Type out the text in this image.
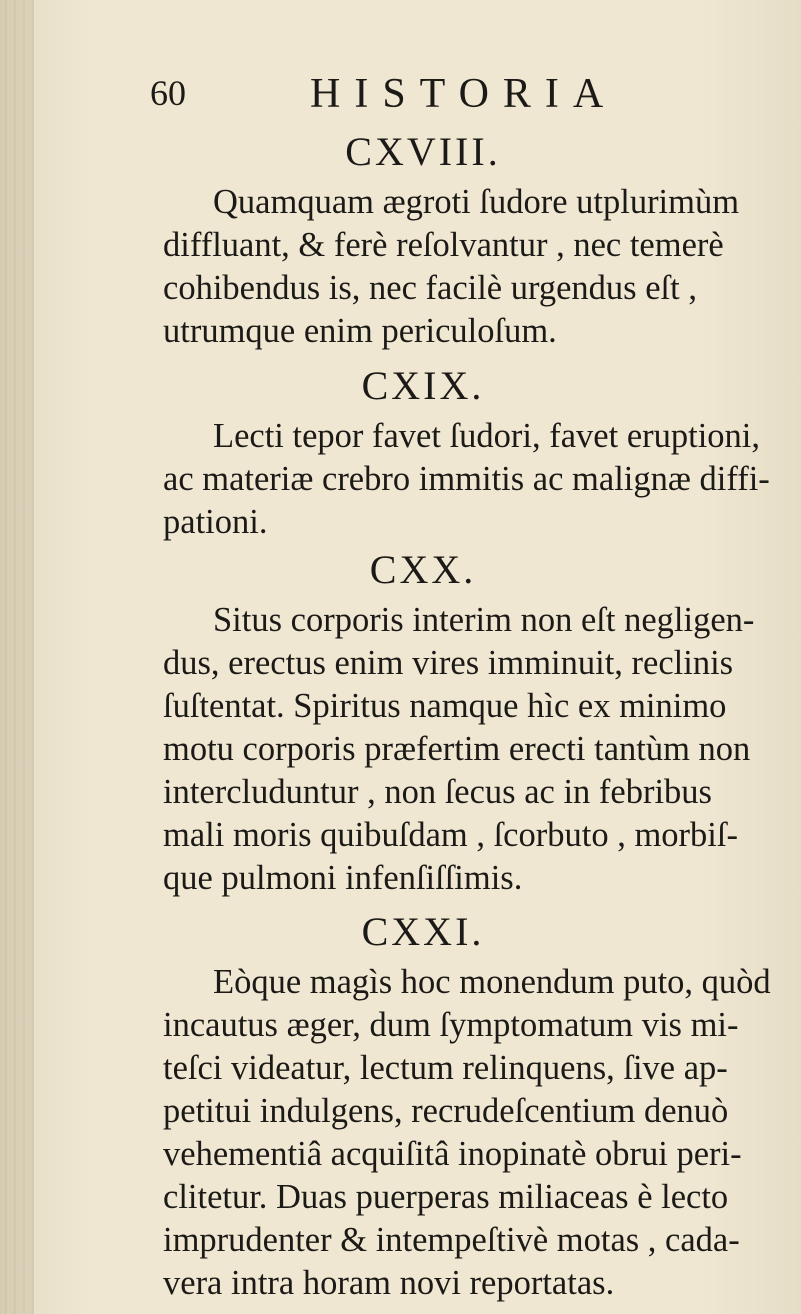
60	HISTORIA
CXVIII.
Quamquam ægroti ſudore utplurimùm
diffluant, & ferè reſolvantur , nec temerè
cohibendus is, nec facilè urgendus eſt ,
utrumque enim periculoſum.
CXIX.
Lecti tepor favet ſudori, favet eruptioni,
ac materiæ crebro immitis ac malignæ diffi-
pationi.
CXX.
Situs corporis interim non eſt negligen-
dus, erectus enim vires imminuit, reclinis
ſuſtentat. Spiritus namque hìc ex minimo
motu corporis præfertim erecti tantùm non
intercluduntur , non ſecus ac in febribus
mali moris quibuſdam , ſcorbuto , morbiſ-
que pulmoni infenſiſſimis.
CXXI.
Eòque magìs hoc monendum puto, quòd
incautus æger, dum ſymptomatum vis mi-
teſci videatur, lectum relinquens, ſive ap-
petitui indulgens, recrudeſcentium denuò
vehementiâ acquiſitâ inopinatè obrui peri-
clitetur. Duas puerperas miliaceas è lecto
imprudenter & intempeſtivè motas , cada-
vera intra horam novi reportatas.
